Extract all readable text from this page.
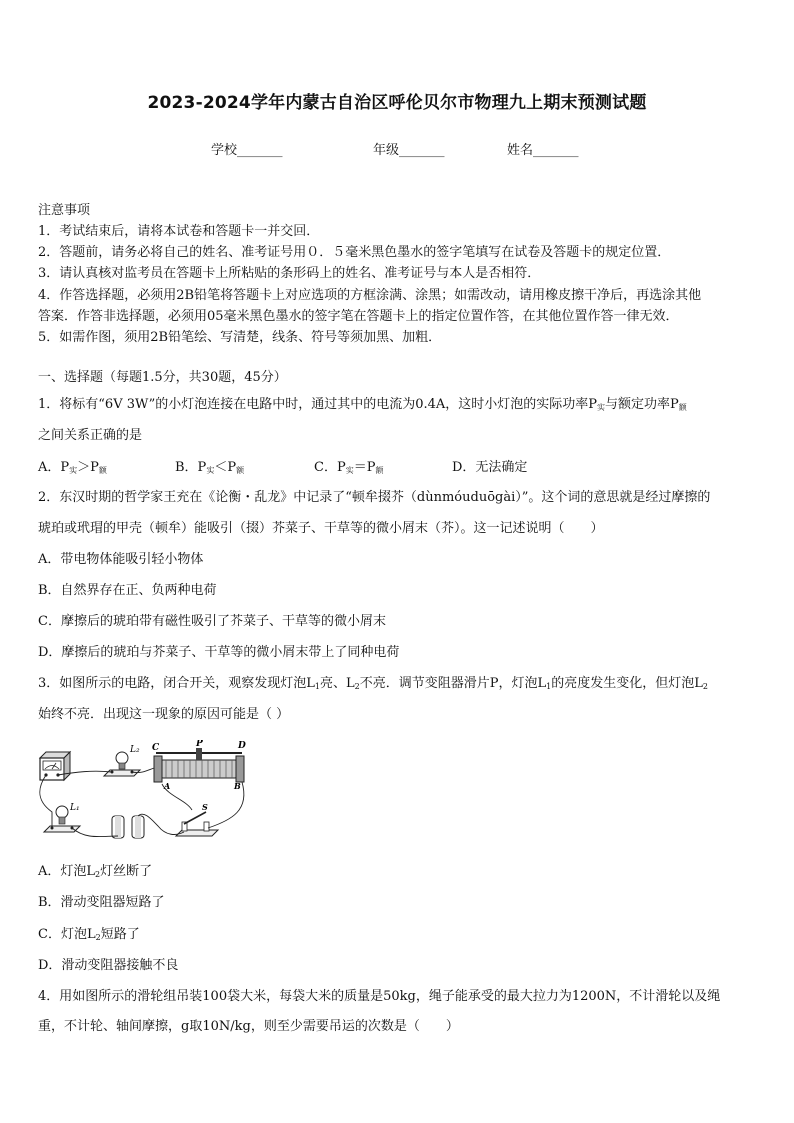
2023-2024学年内蒙古自治区呼伦贝尔市物理九上期末预测试题
学校_______	年级_______	姓名_______
注意事项
1．考试结束后，请将本试卷和答题卡一并交回．
2．答题前，请务必将自己的姓名、准考证号用０．５毫米黑色墨水的签字笔填写在试卷及答题卡的规定位置．
3．请认真核对监考员在答题卡上所粘贴的条形码上的姓名、准考证号与本人是否相符．
4．作答选择题，必须用2B铅笔将答题卡上对应选项的方框涂满、涂黑；如需改动，请用橡皮擦干净后，再选涂其他
答案．作答非选择题，必须用05毫米黑色墨水的签字笔在答题卡上的指定位置作答，在其他位置作答一律无效．
5．如需作图，须用2B铅笔绘、写清楚，线条、符号等须加黑、加粗．
一、选择题（每题1.5分，共30题，45分）
1．将标有“6V 3W”的小灯泡连接在电路中时，通过其中的电流为0.4A，这时小灯泡的实际功率$P_实$与额定功率$P_额$
之间关系正确的是
A．$P_实>P_额$	B．$P_实<P_额$	C．$P_实=P_额$	D．无法确定
2．东汉时期的哲学家王充在《论衡・乱龙》中记录了“顿牟掇芥（dùnmóuduōgài）”。这个词的意思就是经过摩擦的
琥珀或玳瑁的甲壳（顿牟）能吸引（掇）芥菜子、干草等的微小屑末（芥）。这一记述说明（　　）
A．带电物体能吸引轻小物体
B．自然界存在正、负两种电荷
C．摩擦后的琥珀带有磁性吸引了芥菜子、干草等的微小屑末
D．摩擦后的琥珀与芥菜子、干草等的微小屑末带上了同种电荷
3．如图所示的电路，闭合开关，观察发现灯泡$L_1$亮、$L_2$不亮．调节变阻器滑片P，灯泡$L_1$的亮度发生变化，但灯泡$L_2$
始终不亮．出现这一现象的原因可能是（ ）
L₂ C	P	D
A	B
L₁	S
A．灯泡$L_2$灯丝断了
B．滑动变阻器短路了
C．灯泡$L_2$短路了
D．滑动变阻器接触不良
4．用如图所示的滑轮组吊装100袋大米，每袋大米的质量是50kg，绳子能承受的最大拉力为1200N，不计滑轮以及绳
重，不计轮、轴间摩擦，g取10N/kg，则至少需要吊运的次数是（　　）
